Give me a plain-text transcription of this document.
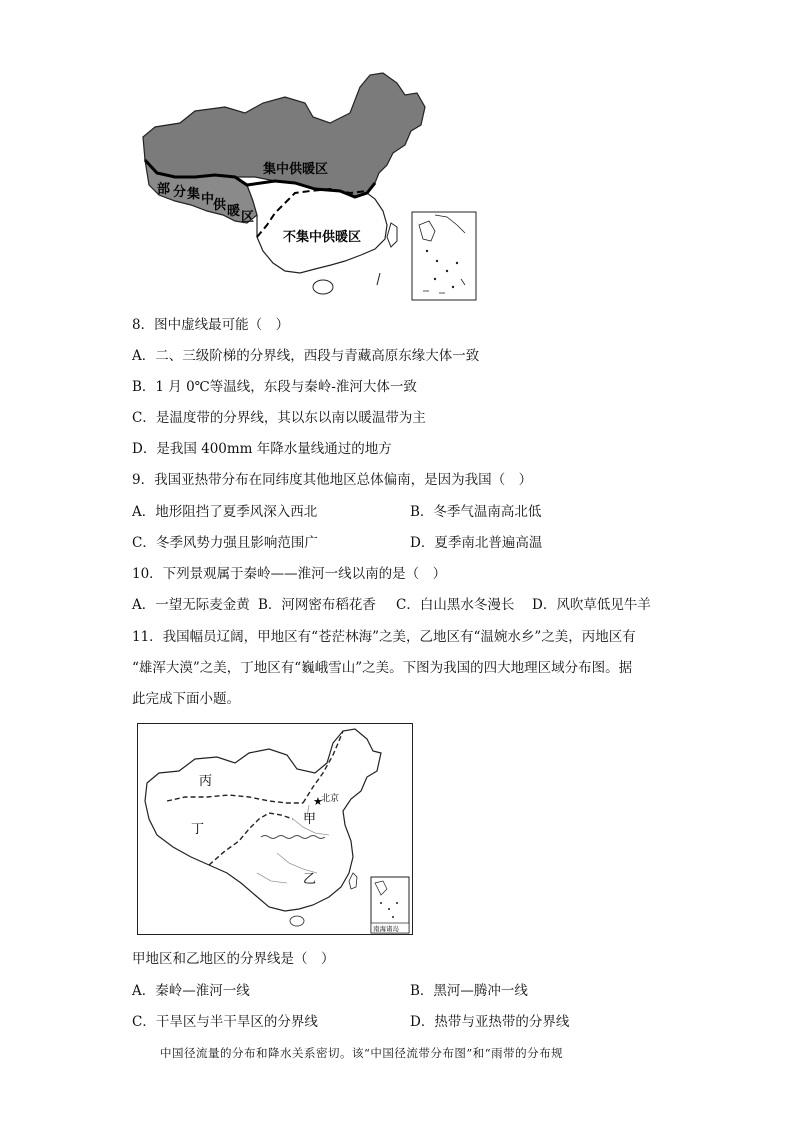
集中供暖区
不集中供暖区
部 分 集 中
供 暖 区
8．图中虚线最可能（　）
A．二、三级阶梯的分界线，西段与青藏高原东缘大体一致
B．1 月 0℃等温线，东段与秦岭-淮河大体一致
C．是温度带的分界线，其以东以南以暖温带为主
D．是我国 400mm 年降水量线通过的地方
9．我国亚热带分布在同纬度其他地区总体偏南，是因为我国（　）
A．地形阻挡了夏季风深入西北	B．冬季气温南高北低
C．冬季风势力强且影响范围广	D．夏季南北普遍高温
10．下列景观属于秦岭——淮河一线以南的是（　）
A．一望无际麦金黄 B．河网密布稻花香 C．白山黑水冬漫长 D．风吹草低见牛羊
11．我国幅员辽阔，甲地区有“苍茫林海”之美，乙地区有“温婉水乡”之美，丙地区有
“雄浑大漠”之美，丁地区有“巍峨雪山”之美。下图为我国的四大地理区域分布图。据
此完成下面小题。
★
丙
丁
甲
乙
北京
南海诸岛
甲地区和乙地区的分界线是（　）
A．秦岭—淮河一线	B．黑河—腾冲一线
C．干旱区与半干旱区的分界线	D．热带与亚热带的分界线
中国径流量的分布和降水关系密切。该“中国径流带分布图”和“雨带的分布规
